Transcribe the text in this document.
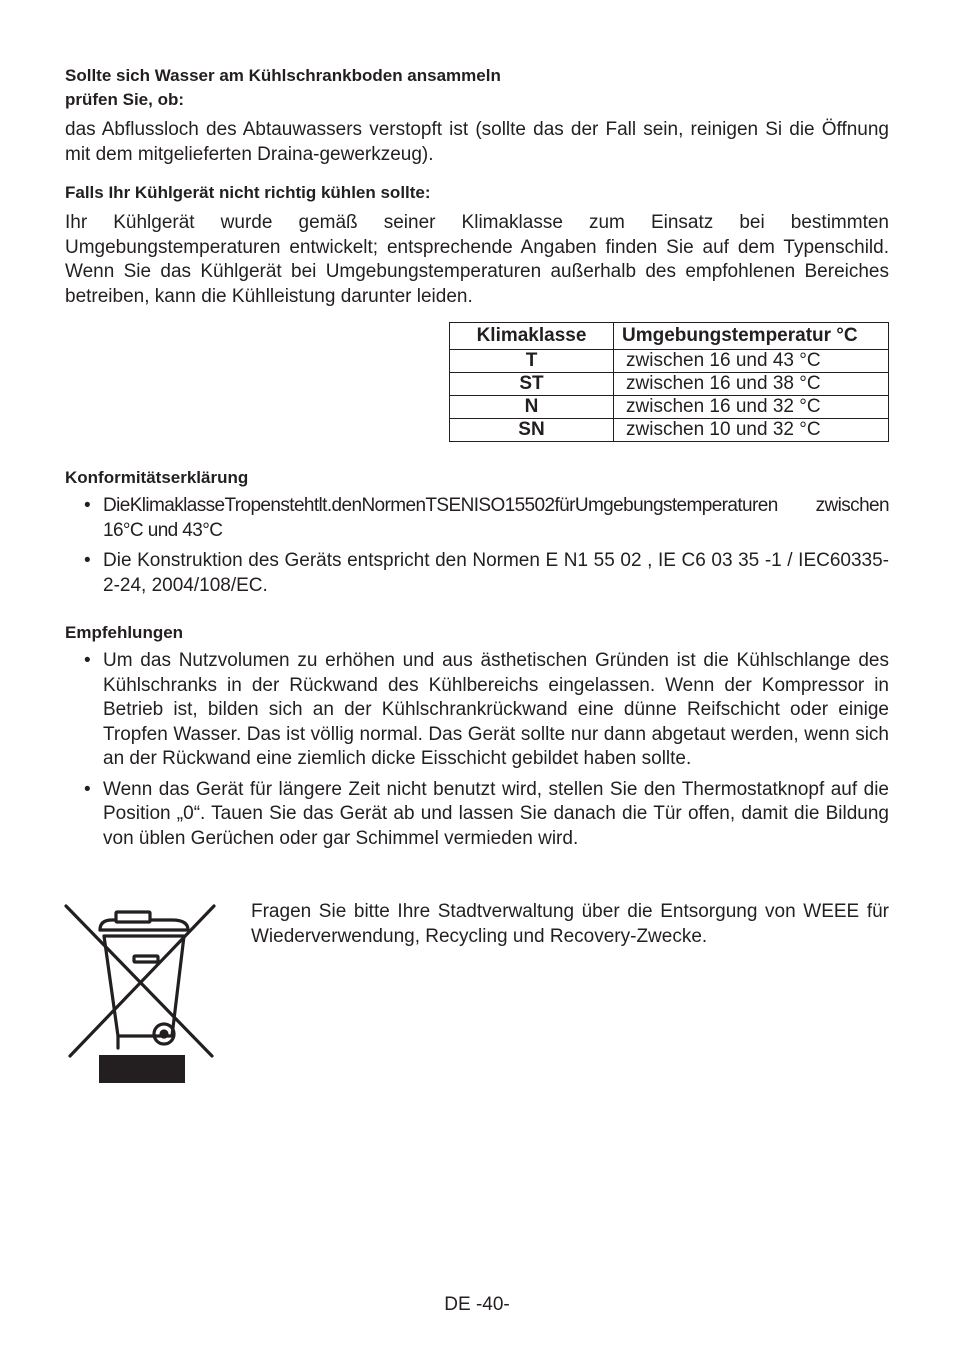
Sollte sich Wasser am Kühlschrankboden ansammeln

prüfen Sie, ob:

das Abflussloch des Abtauwassers verstopft ist (sollte das der Fall sein, reinigen Si die Öffnung mit dem mitgelieferten Draina-gewerkzeug).

Falls Ihr Kühlgerät nicht richtig kühlen sollte:

Ihr Kühlgerät wurde gemäß seiner Klimaklasse zum Einsatz bei bestimmten Umgebungstemperaturen entwickelt; entsprechende Angaben finden Sie auf dem Typenschild. Wenn Sie das Kühlgerät bei Umgebungstemperaturen außerhalb des empfohlenen Bereiches betreiben, kann die Kühlleistung darunter leiden.

Klimaklasse	Umgebungstemperatur °C
T	zwischen 16 und 43 °C
ST	zwischen 16 und 38 °C
N	zwischen 16 und 32 °C
SN	zwischen 10 und 32 °C

Konformitätserklärung

• DieKlimaklasseTropenstehtlt.denNormenTSENISO15502fürUmgebungstemperaturen zwischen 16°C und 43°C
• Die Konstruktion des Geräts entspricht den Normen E N1 55 02 , IE C6 03 35 -1 / IEC60335-2-24, 2004/108/EC.

Empfehlungen

• Um das Nutzvolumen zu erhöhen und aus ästhetischen Gründen ist die Kühlschlange des Kühlschranks in der Rückwand des Kühlbereichs eingelassen. Wenn der Kompressor in Betrieb ist, bilden sich an der Kühlschrankrückwand eine dünne Reifschicht oder einige Tropfen Wasser. Das ist völlig normal. Das Gerät sollte nur dann abgetaut werden, wenn sich an der Rückwand eine ziemlich dicke Eisschicht gebildet haben sollte.
• Wenn das Gerät für längere Zeit nicht benutzt wird, stellen Sie den Thermostatknopf auf die Position „0“. Tauen Sie das Gerät ab und lassen Sie danach die Tür offen, damit die Bildung von üblen Gerüchen oder gar Schimmel vermieden wird.
Fragen Sie bitte Ihre Stadtverwaltung über die Entsorgung von WEEE für Wiederverwendung, Recycling und Recovery-Zwecke.
DE -40-
